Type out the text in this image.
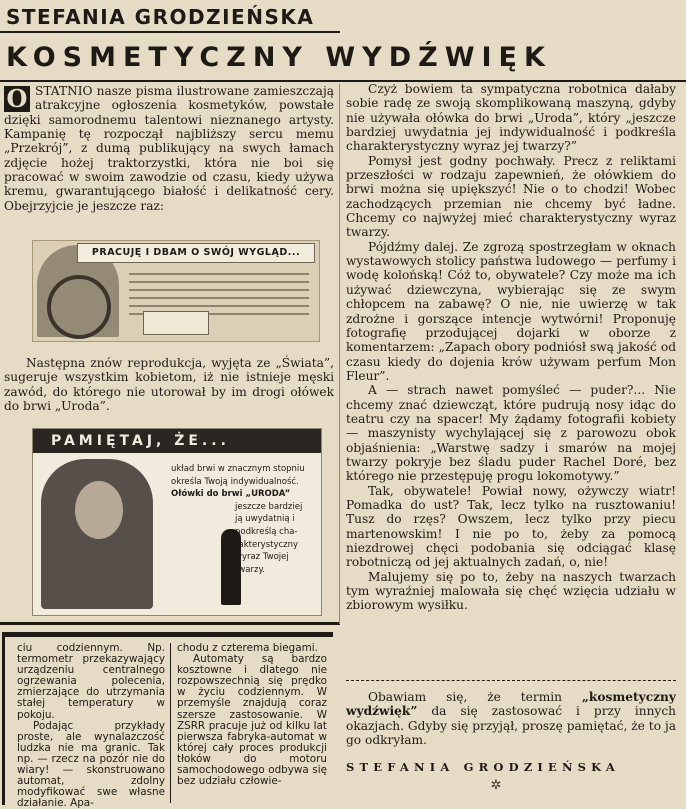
STEFANIA GRODZIEŃSKA
KOSMETYCZNY WYDŹWIĘK

O STATNIO nasze pisma ilustrowane zamieszczają atrakcyjne ogłoszenia kosmetyków, powstałe dzięki samorodnemu talentowi nieznanego artysty. Kampanię tę rozpoczął najbliższy sercu memu „Przekrój”, z dumą publikujący na swych łamach zdjęcie hożej traktorzystki, która nie boi się pracować w swoim zawodzie od czasu, kiedy używa kremu, gwarantującego białość i delikatność cery. Obejrzyjcie je jeszcze raz:

PRACUJĘ I DBAM O SWÓJ WYGLĄD...

Następna znów reprodukcja, wyjęta ze „Świata”, sugeruje wszystkim kobietom, iż nie istnieje męski zawód, do którego nie utorował by im drogi ołówek do brwi „Uroda”.

PAMIĘTAJ, ŻE...
układ brwi w znacznym stopniu
określa Twoją indywidualność.
Ołówki do brwi „URODA”
jeszcze bardziej
ją uwydatnią i
podkreślą cha-
rakterystyczny
wyraz Twojej
twarzy.

ciu codziennym. Np. termometr przekazywający urządzeniu centralnego ogrzewania polecenia, zmierzające do utrzymania stałej temperatury w pokoju.

Podając przykłady proste, ale wynalazczość ludzka nie ma granic. Tak np. — rzecz na pozór nie do wiary! — skonstruowano automat, zdolny modyfikować swe własne działanie. Apa-

chodu z czterema biegami.

Automaty są bardzo kosztowne i dlatego nie rozpowszechnią się prędko w życiu codziennym. W przemyśle znajdują coraz szersze zastosowanie. W ZSRR pracuje już od kilku lat pierwsza fabryka-automat w której cały proces produkcji tłoków do motoru samochodowego odbywa się bez udziału człowie-

Czyż bowiem ta sympatyczna robotnica dałaby sobie radę ze swoją skomplikowaną maszyną, gdyby nie używała ołówka do brwi „Uroda”, który „jeszcze bardziej uwydatnia jej indywidualność i podkreśla charakterystyczny wyraz jej twarzy?”

Pomysł jest godny pochwały. Precz z reliktami przeszłości w rodzaju zapewnień, że ołówkiem do brwi można się upiększyć! Nie o to chodzi! Wobec zachodzących przemian nie chcemy być ładne. Chcemy co najwyżej mieć charakterystyczny wyraz twarzy.

Pójdźmy dalej. Ze zgrozą spostrzegłam w oknach wystawowych stolicy państwa ludowego — perfumy i wodę kolońską! Cóż to, obywatele? Czy może ma ich używać dziewczyna, wybierając się ze swym chłopcem na zabawę? O nie, nie uwierzę w tak zdrożne i gorszące intencje wytwórni! Proponuję fotografię przodującej dojarki w oborze z komentarzem: „Zapach obory podniósł swą jakość od czasu kiedy do dojenia krów używam perfum Mon Fleur”.

A — strach nawet pomyśleć — puder?... Nie chcemy znać dziewcząt, które pudrują nosy idąc do teatru czy na spacer! My żądamy fotografii kobiety — maszynisty wychylającej się z parowozu obok objaśnienia: „Warstwę sadzy i smarów na mojej twarzy pokryje bez śladu puder Rachel Doré, bez którego nie przestępuję progu lokomotywy.”

Tak, obywatele! Powiał nowy, ożywczy wiatr! Pomadka do ust? Tak, lecz tylko na rusztowaniu! Tusz do rzęs? Owszem, lecz tylko przy piecu martenowskim! I nie po to, żeby za pomocą niezdrowej chęci podobania się odciągać klasę robotniczą od jej aktualnych zadań, o, nie!

Malujemy się po to, żeby na naszych twarzach tym wyraźniej malowała się chęć wzięcia udziału w zbiorowym wysiłku.

Obawiam się, że termin „kosmetyczny wydźwięk” da się zastosować i przy innych okazjach. Gdyby się przyjął, proszę pamiętać, że to ja go odkryłam.

STEFANIA GRODZIEŃSKA
✲
